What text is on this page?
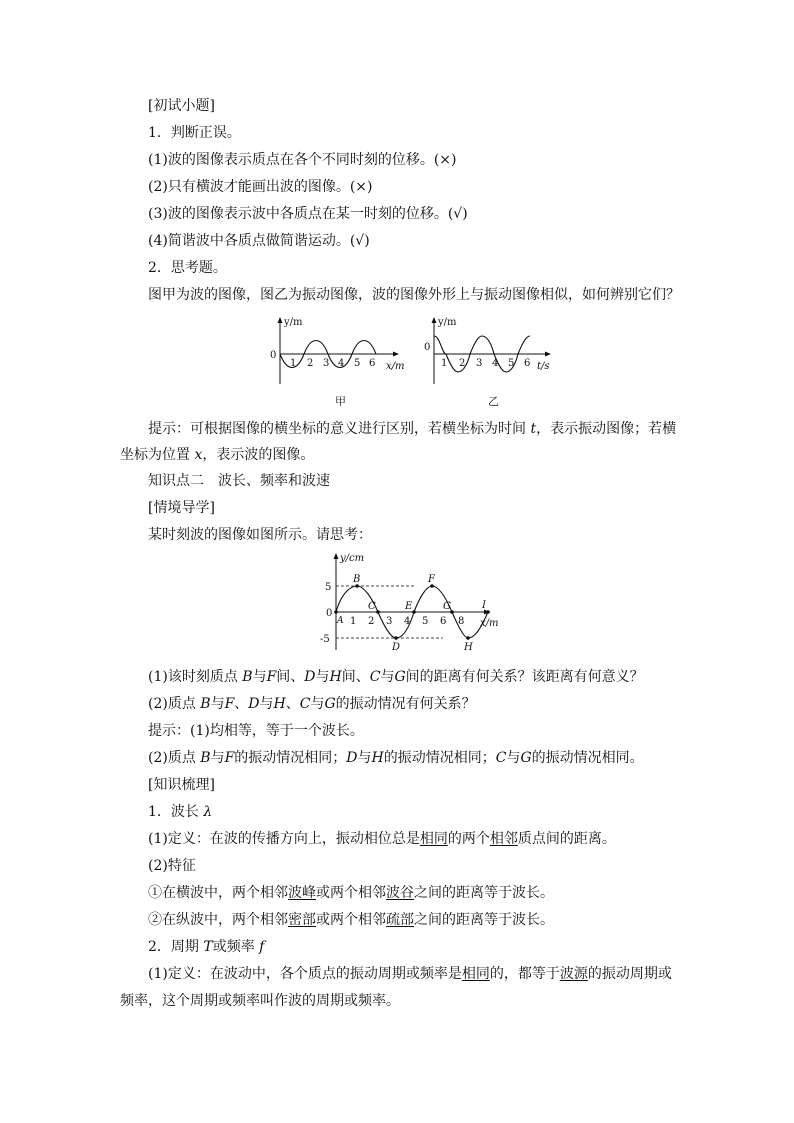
[初试小题]
1．判断正误。
(1)波的图像表示质点在各个不同时刻的位移。(×)
(2)只有横波才能画出波的图像。(×)
(3)波的图像表示波中各质点在某一时刻的位移。(√)
(4)简谐波中各质点做简谐运动。(√)
2．思考题。
图甲为波的图像，图乙为振动图像，波的图像外形上与振动图像相似，如何辨别它们？
y/m
0
1 2 3 4 5 6 x/m
甲
y/m
0
1 2 3 4 5 6 t/s
乙
提示：可根据图像的横坐标的意义进行区别，若横坐标为时间 t，表示振动图像；若横
坐标为位置 x，表示波的图像。
知识点二　波长、频率和波速
[情境导学]
某时刻波的图像如图所示。请思考：
y/cm
5
0
-5
1 2 3 4 5 6 8 x/m
A
B
C
D
E
F
G
H
I
(1)该时刻质点 B与F间、D与H间、C与G间的距离有何关系？该距离有何意义？
(2)质点 B与F、D与H、C与G的振动情况有何关系？
提示：(1)均相等，等于一个波长。
(2)质点 B与F的振动情况相同；D与H的振动情况相同；C与G的振动情况相同。
[知识梳理]
1．波长 λ
(1)定义：在波的传播方向上，振动相位总是相同的两个相邻质点间的距离。
(2)特征
①在横波中，两个相邻波峰或两个相邻波谷之间的距离等于波长。
②在纵波中，两个相邻密部或两个相邻疏部之间的距离等于波长。
2．周期 T或频率 f
(1)定义：在波动中，各个质点的振动周期或频率是相同的，都等于波源的振动周期或
频率，这个周期或频率叫作波的周期或频率。
